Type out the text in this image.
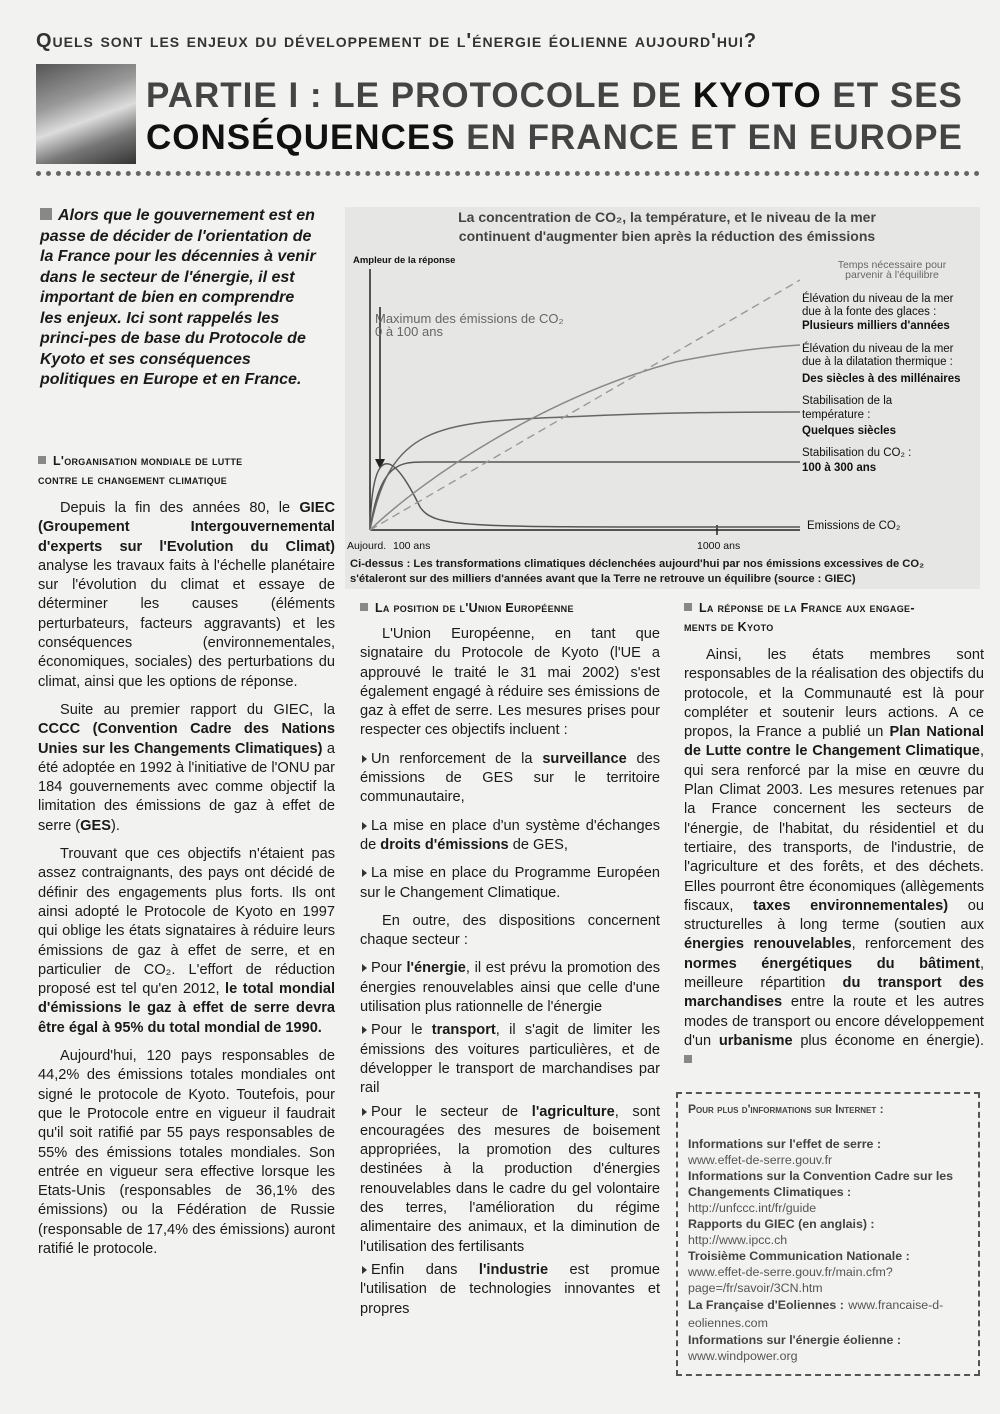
Quels sont les enjeux du développement de l'énergie éolienne aujourd'hui?
PARTIE I : LE PROTOCOLE DE KYOTO ET SES
CONSÉQUENCES EN FRANCE ET EN EUROPE
Alors que le gouvernement est en passe de décider de l'orientation de la France pour les décennies à venir dans le secteur de l'énergie, il est important de bien en comprendre les enjeux. Ici sont rappelés les princi-pes de base du Protocole de Kyoto et ses conséquences politiques en Europe et en France.
L'organisation mondiale de lutte
contre le changement climatique

Depuis la fin des années 80, le GIEC (Groupement Intergouvernemental d'experts sur l'Evolution du Climat) analyse les travaux faits à l'échelle planétaire sur l'évolution du climat et essaye de déterminer les causes (éléments perturbateurs, facteurs aggravants) et les conséquences (environnementales, économiques, sociales) des perturbations du climat, ainsi que les options de réponse.

Suite au premier rapport du GIEC, la CCCC (Convention Cadre des Nations Unies sur les Changements Climatiques) a été adoptée en 1992 à l'initiative de l'ONU par 184 gouvernements avec comme objectif la limitation des émissions de gaz à effet de serre (GES).

Trouvant que ces objectifs n'étaient pas assez contraignants, des pays ont décidé de définir des engagements plus forts. Ils ont ainsi adopté le Protocole de Kyoto en 1997 qui oblige les états signataires à réduire leurs émissions de gaz à effet de serre, et en particulier de CO₂. L'effort de réduction proposé est tel qu'en 2012, le total mondial d'émissions le gaz à effet de serre devra être égal à 95% du total mondial de 1990.

Aujourd'hui, 120 pays responsables de 44,2% des émissions totales mondiales ont signé le protocole de Kyoto. Toutefois, pour que le Protocole entre en vigueur il faudrait qu'il soit ratifié par 55 pays responsables de 55% des émissions totales mondiales. Son entrée en vigueur sera effective lorsque les Etats-Unis (responsables de 36,1% des émissions) ou la Fédération de Russie (responsable de 17,4% des émissions) auront ratifié le protocole.

La concentration de CO₂, la température, et le niveau de la mer
continuent d'augmenter bien après la réduction des émissions
Ampleur de la réponse
Maximum des émissions de CO₂
0 à 100 ans
Temps nécessaire pour
parvenir à l'équilibre
Élévation du niveau de la mer
due à la fonte des glaces :
Plusieurs milliers d'années
Élévation du niveau de la mer
due à la dilatation thermique :
Des siècles à des millénaires
Stabilisation de la
température :
Quelques siècles
Stabilisation du CO₂ :
100 à 300 ans
Emissions de CO₂
Aujourd. 100 ans	1000 ans
Ci-dessus : Les transformations climatiques déclenchées aujourd'hui par nos émissions excessives de CO₂ s'étaleront sur des milliers d'années avant que la Terre ne retrouve un équilibre (source : GIEC)
La position de l'Union Européenne

L'Union Européenne, en tant que signataire du Protocole de Kyoto (l'UE a approuvé le traité le 31 mai 2002) s'est également engagé à réduire ses émissions de gaz à effet de serre. Les mesures prises pour respecter ces objectifs incluent :

Un renforcement de la surveillance des émissions de GES sur le territoire communautaire,

La mise en place d'un système d'échanges de droits d'émissions de GES,

La mise en place du Programme Européen sur le Changement Climatique.

En outre, des dispositions concernent chaque secteur :

Pour l'énergie, il est prévu la promotion des énergies renouvelables ainsi que celle d'une utilisation plus rationnelle de l'énergie

Pour le transport, il s'agit de limiter les émissions des voitures particulières, et de développer le transport de marchandises par rail

Pour le secteur de l'agriculture, sont encouragées des mesures de boisement appropriées, la promotion des cultures destinées à la production d'énergies renouvelables dans le cadre du gel volontaire des terres, l'amélioration du régime alimentaire des animaux, et la diminution de l'utilisation des fertilisants

Enfin dans l'industrie est promue l'utilisation de technologies innovantes et propres

La réponse de la France aux engage-
ments de Kyoto

Ainsi, les états membres sont responsables de la réalisation des objectifs du protocole, et la Communauté est là pour compléter et soutenir leurs actions. A ce propos, la France a publié un Plan National de Lutte contre le Changement Climatique, qui sera renforcé par la mise en œuvre du Plan Climat 2003. Les mesures retenues par la France concernent les secteurs de l'énergie, de l'habitat, du résidentiel et du tertiaire, des transports, de l'industrie, de l'agriculture et des forêts, et des déchets. Elles pourront être économiques (allègements fiscaux, taxes environnementales) ou structurelles à long terme (soutien aux énergies renouvelables, renforcement des normes énergétiques du bâtiment, meilleure répartition du transport des marchandises entre la route et les autres modes de transport ou encore développement d'un urbanisme plus économe en énergie).

Pour plus d'informations sur Internet :
Informations sur l'effet de serre :
www.effet-de-serre.gouv.fr
Informations sur la Convention Cadre sur les Changements Climatiques :
http://unfccc.int/fr/guide
Rapports du GIEC (en anglais) :
http://www.ipcc.ch
Troisième Communication Nationale :
www.effet-de-serre.gouv.fr/main.cfm?page=/fr/savoir/3CN.htm
La Française d'Eoliennes : www.francaise-d-eoliennes.com
Informations sur l'énergie éolienne :
www.windpower.org
